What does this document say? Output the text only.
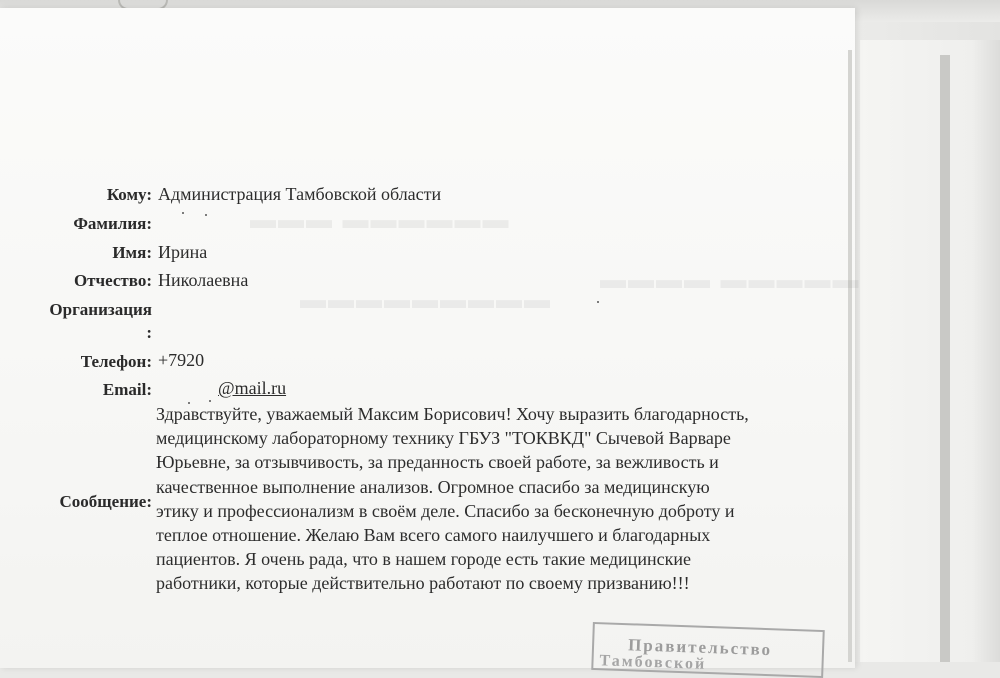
▬▬▬ ▬▬▬▬▬▬
▬▬▬▬ ▬▬▬▬▬
▬▬▬▬▬▬▬▬▬
Кому: Администрация Тамбовской области
Фамилия:
Имя: Ирина
Отчество: Николаевна
Организация
:
Телефон: +7920
Email:	@mail.ru
Сообщение:
Здравствуйте, уважаемый Максим Борисович! Хочу выразить благодарность,
медицинскому лабораторному технику ГБУЗ "ТОКВКД" Сычевой Варваре
Юрьевне, за отзывчивость, за преданность своей работе, за вежливость и
качественное выполнение анализов. Огромное спасибо за медицинскую
этику и профессионализм в своём деле. Спасибо за бесконечную доброту и
теплое отношение. Желаю Вам всего самого наилучшего и благодарных
пациентов. Я очень рада, что в нашем городе есть такие медицинские
работники, которые действительно работают по своему призванию!!!
Правительство
Тамбовской
